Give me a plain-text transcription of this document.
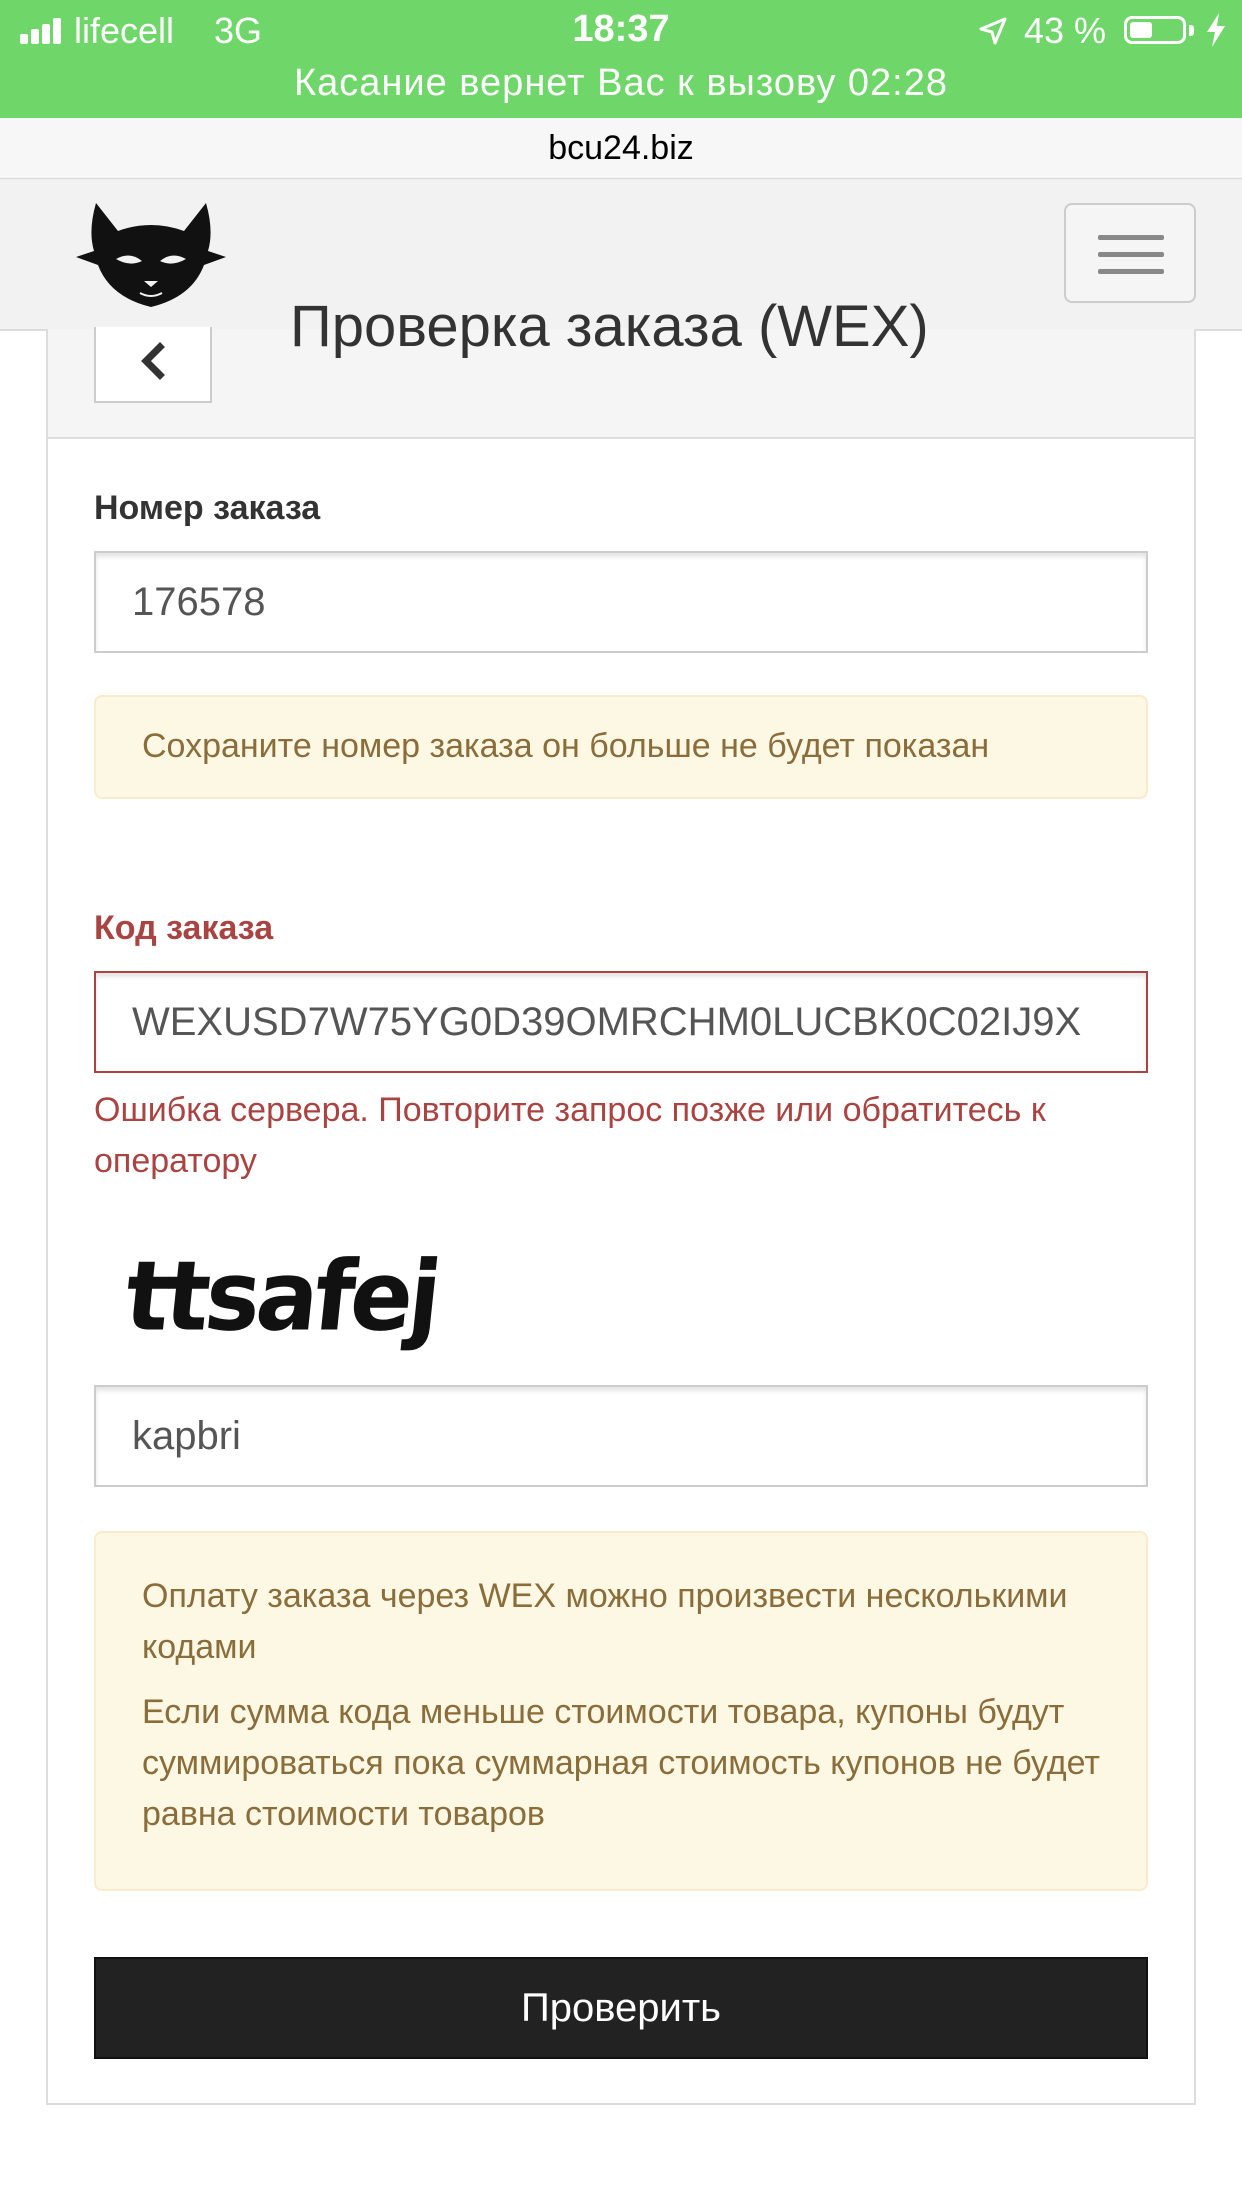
lifecell 3G	18:37	43 %
Касание вернет Вас к вызову 02:28
bcu24.biz
Проверка заказа (WEX)
Номер заказа
176578

Сохраните номер заказа он больше не будет показан

Код заказа
WEXUSD7W75YG0D39OMRCHM0LUCBK0C02IJ9X
Ошибка сервера. Повторите запрос позже или обратитесь к оператору
ttsafej
kapbri

Оплату заказа через WEX можно произвести несколькими кодами

Если сумма кода меньше стоимости товара, купоны будут суммироваться пока суммарная стоимость купонов не будет равна стоимости товаров

Проверить
